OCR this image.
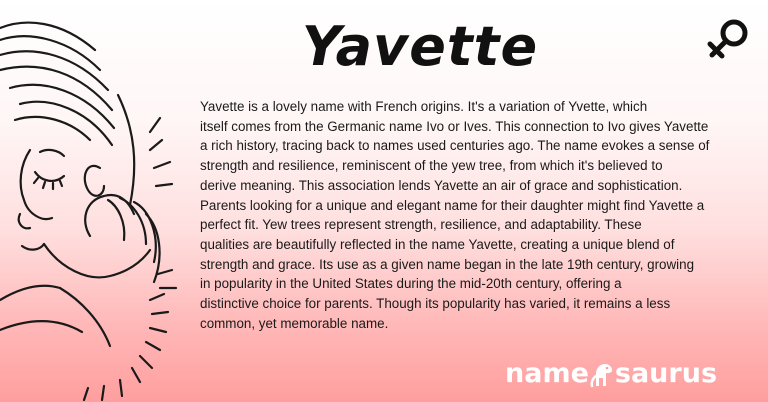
Yavette

Yavette is a lovely name with French origins. It's a variation of Yvette, which
itself comes from the Germanic name Ivo or Ives. This connection to Ivo gives Yavette
a rich history, tracing back to names used centuries ago. The name evokes a sense of
strength and resilience, reminiscent of the yew tree, from which it's believed to
derive meaning. This association lends Yavette an air of grace and sophistication.
Parents looking for a unique and elegant name for their daughter might find Yavette a
perfect fit. Yew trees represent strength, resilience, and adaptability. These
qualities are beautifully reflected in the name Yavette, creating a unique blend of
strength and grace. Its use as a given name began in the late 19th century, growing
in popularity in the United States during the mid-20th century, offering a
distinctive choice for parents. Though its popularity has varied, it remains a less
common, yet memorable name.

name saurus
